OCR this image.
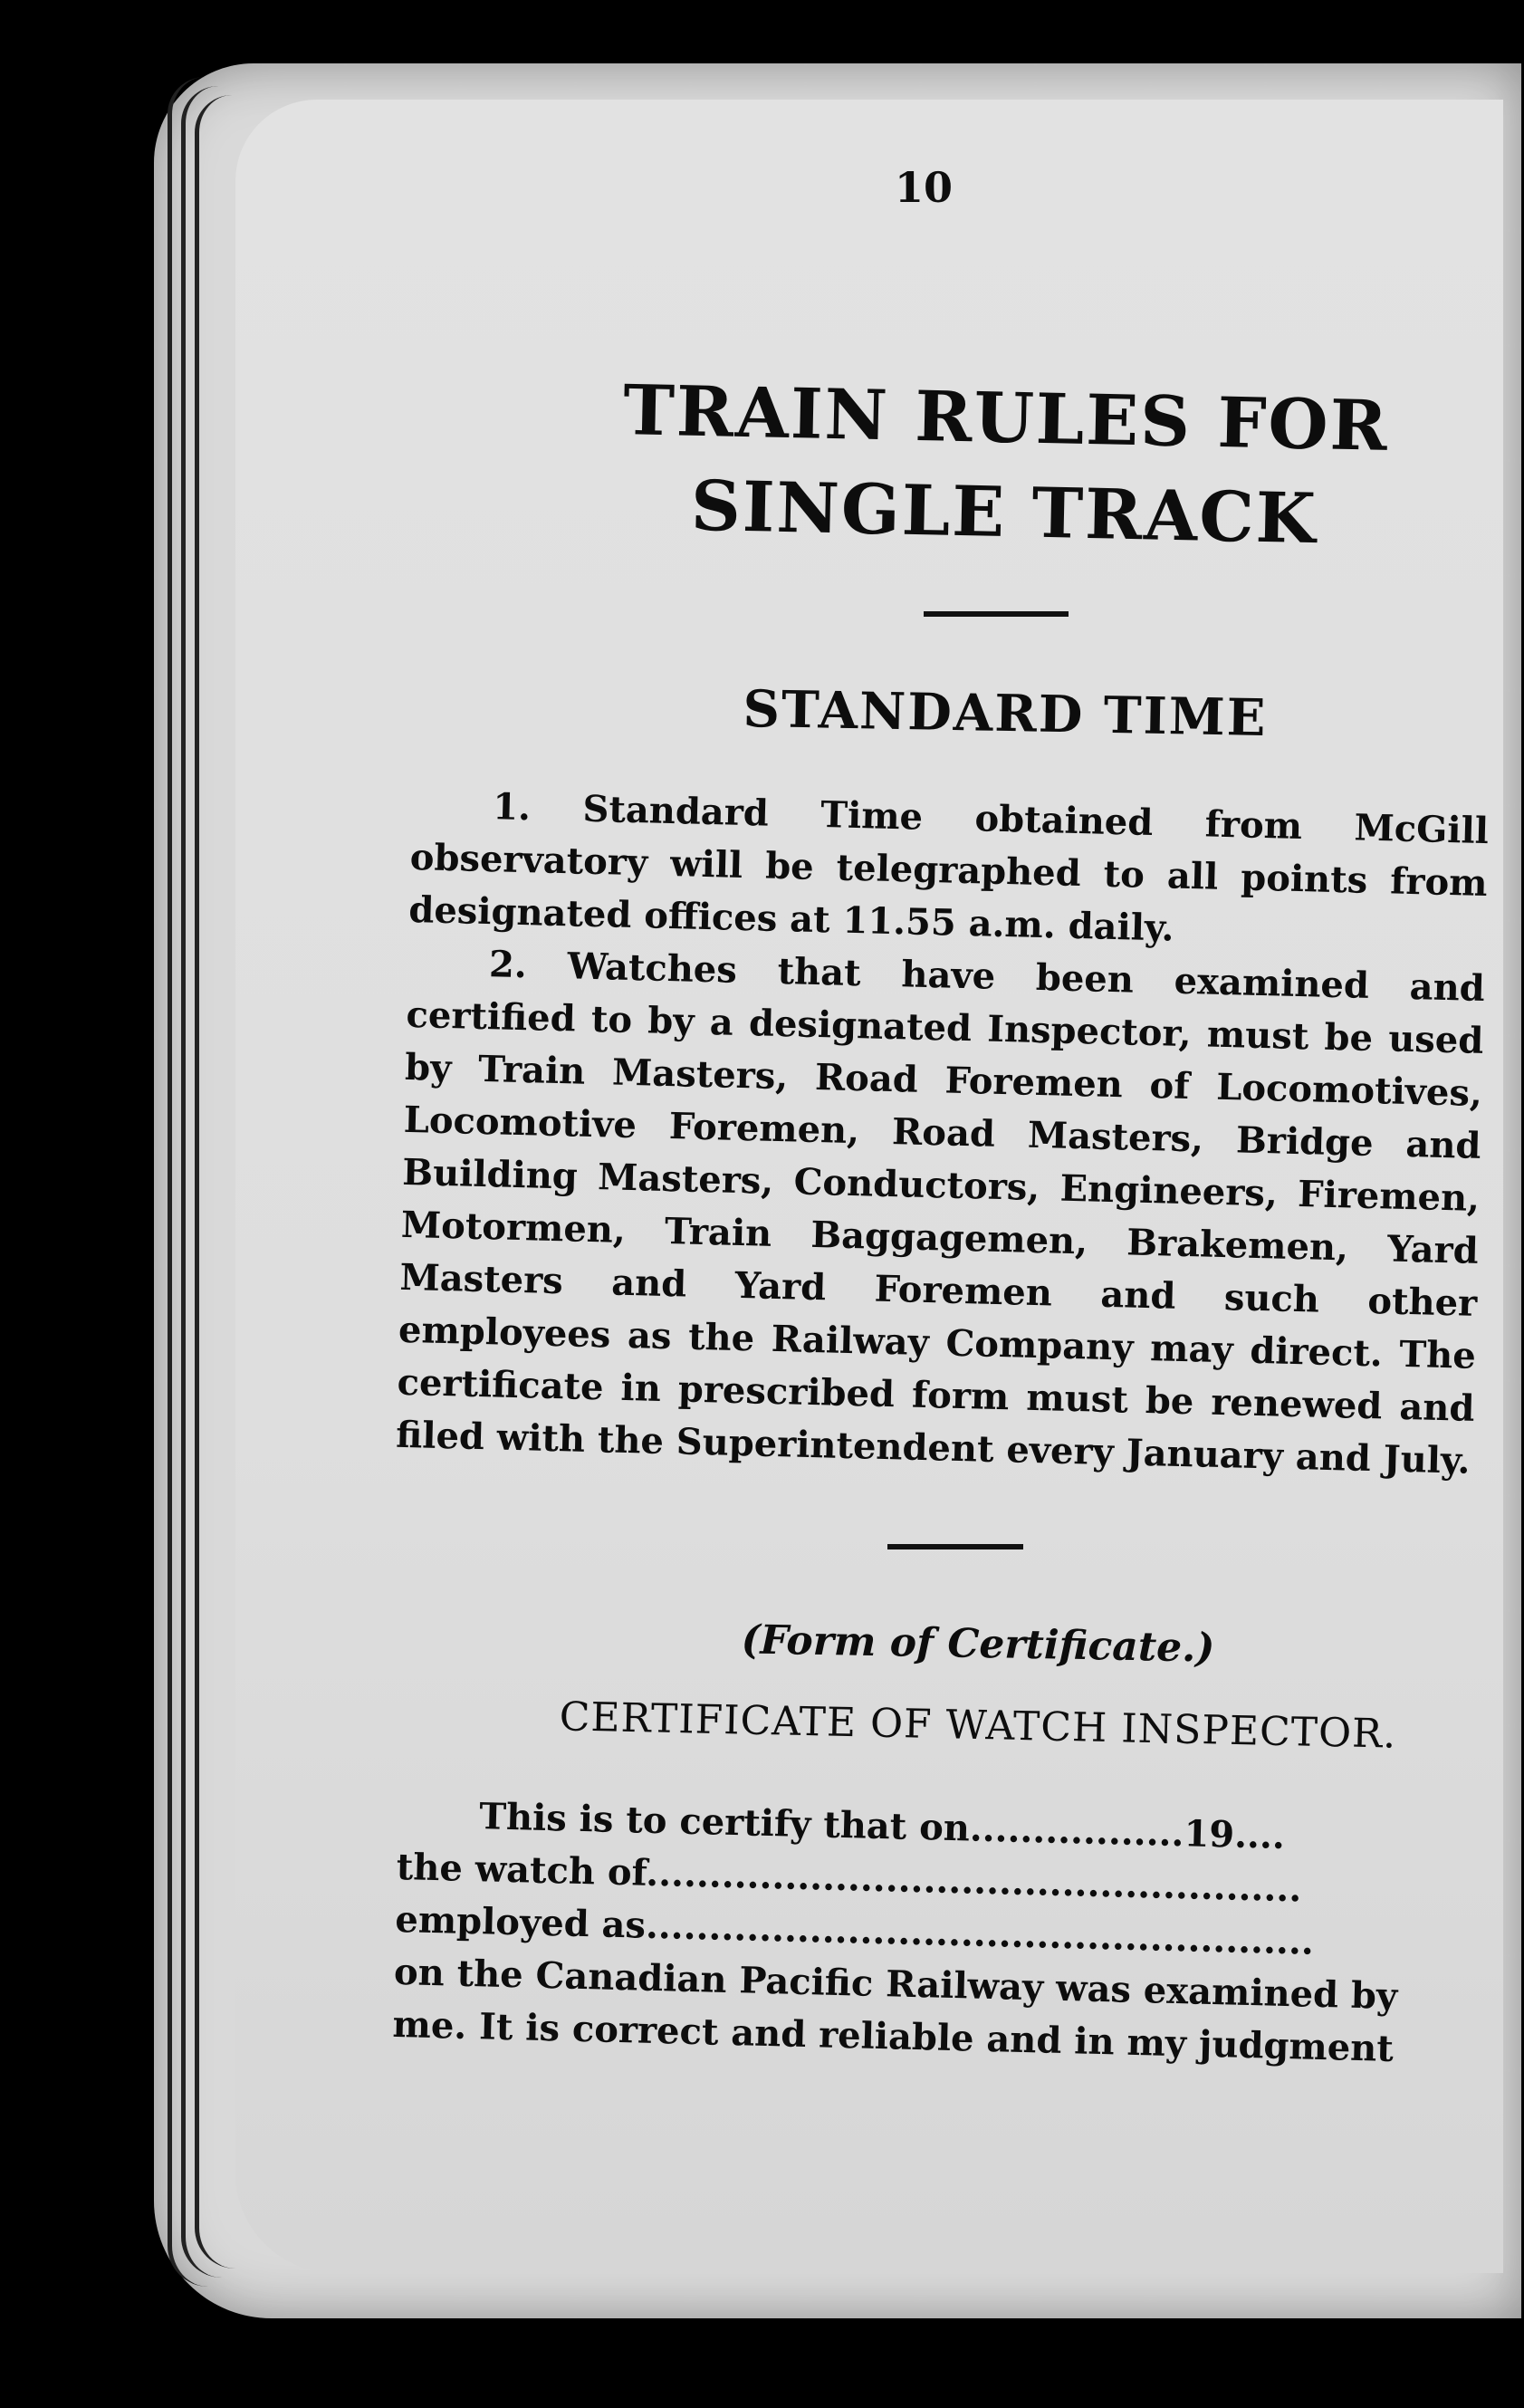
10
TRAIN RULES FOR
SINGLE TRACK
STANDARD TIME

1. Standard Time obtained from McGill observatory will be telegraphed to all points from designated offices at 11.55 a.m. daily.

2. Watches that have been examined and certified to by a designated Inspector, must be used by Train Masters, Road Foremen of Locomotives, Locomotive Foremen, Road Masters, Bridge and Building Masters, Conductors, Engineers, Firemen, Motormen, Train Baggagemen, Brakemen, Yard Masters and Yard Foremen and such other employees as the Railway Company may direct. The certificate in prescribed form must be renewed and filed with the Superintendent every January and July.

(Form of Certificate.)
CERTIFICATE OF WATCH INSPECTOR.
This is to certify that on.................19....
the watch of....................................................
employed as.....................................................
on the Canadian Pacific Railway was examined by
me. It is correct and reliable and in my judgment
